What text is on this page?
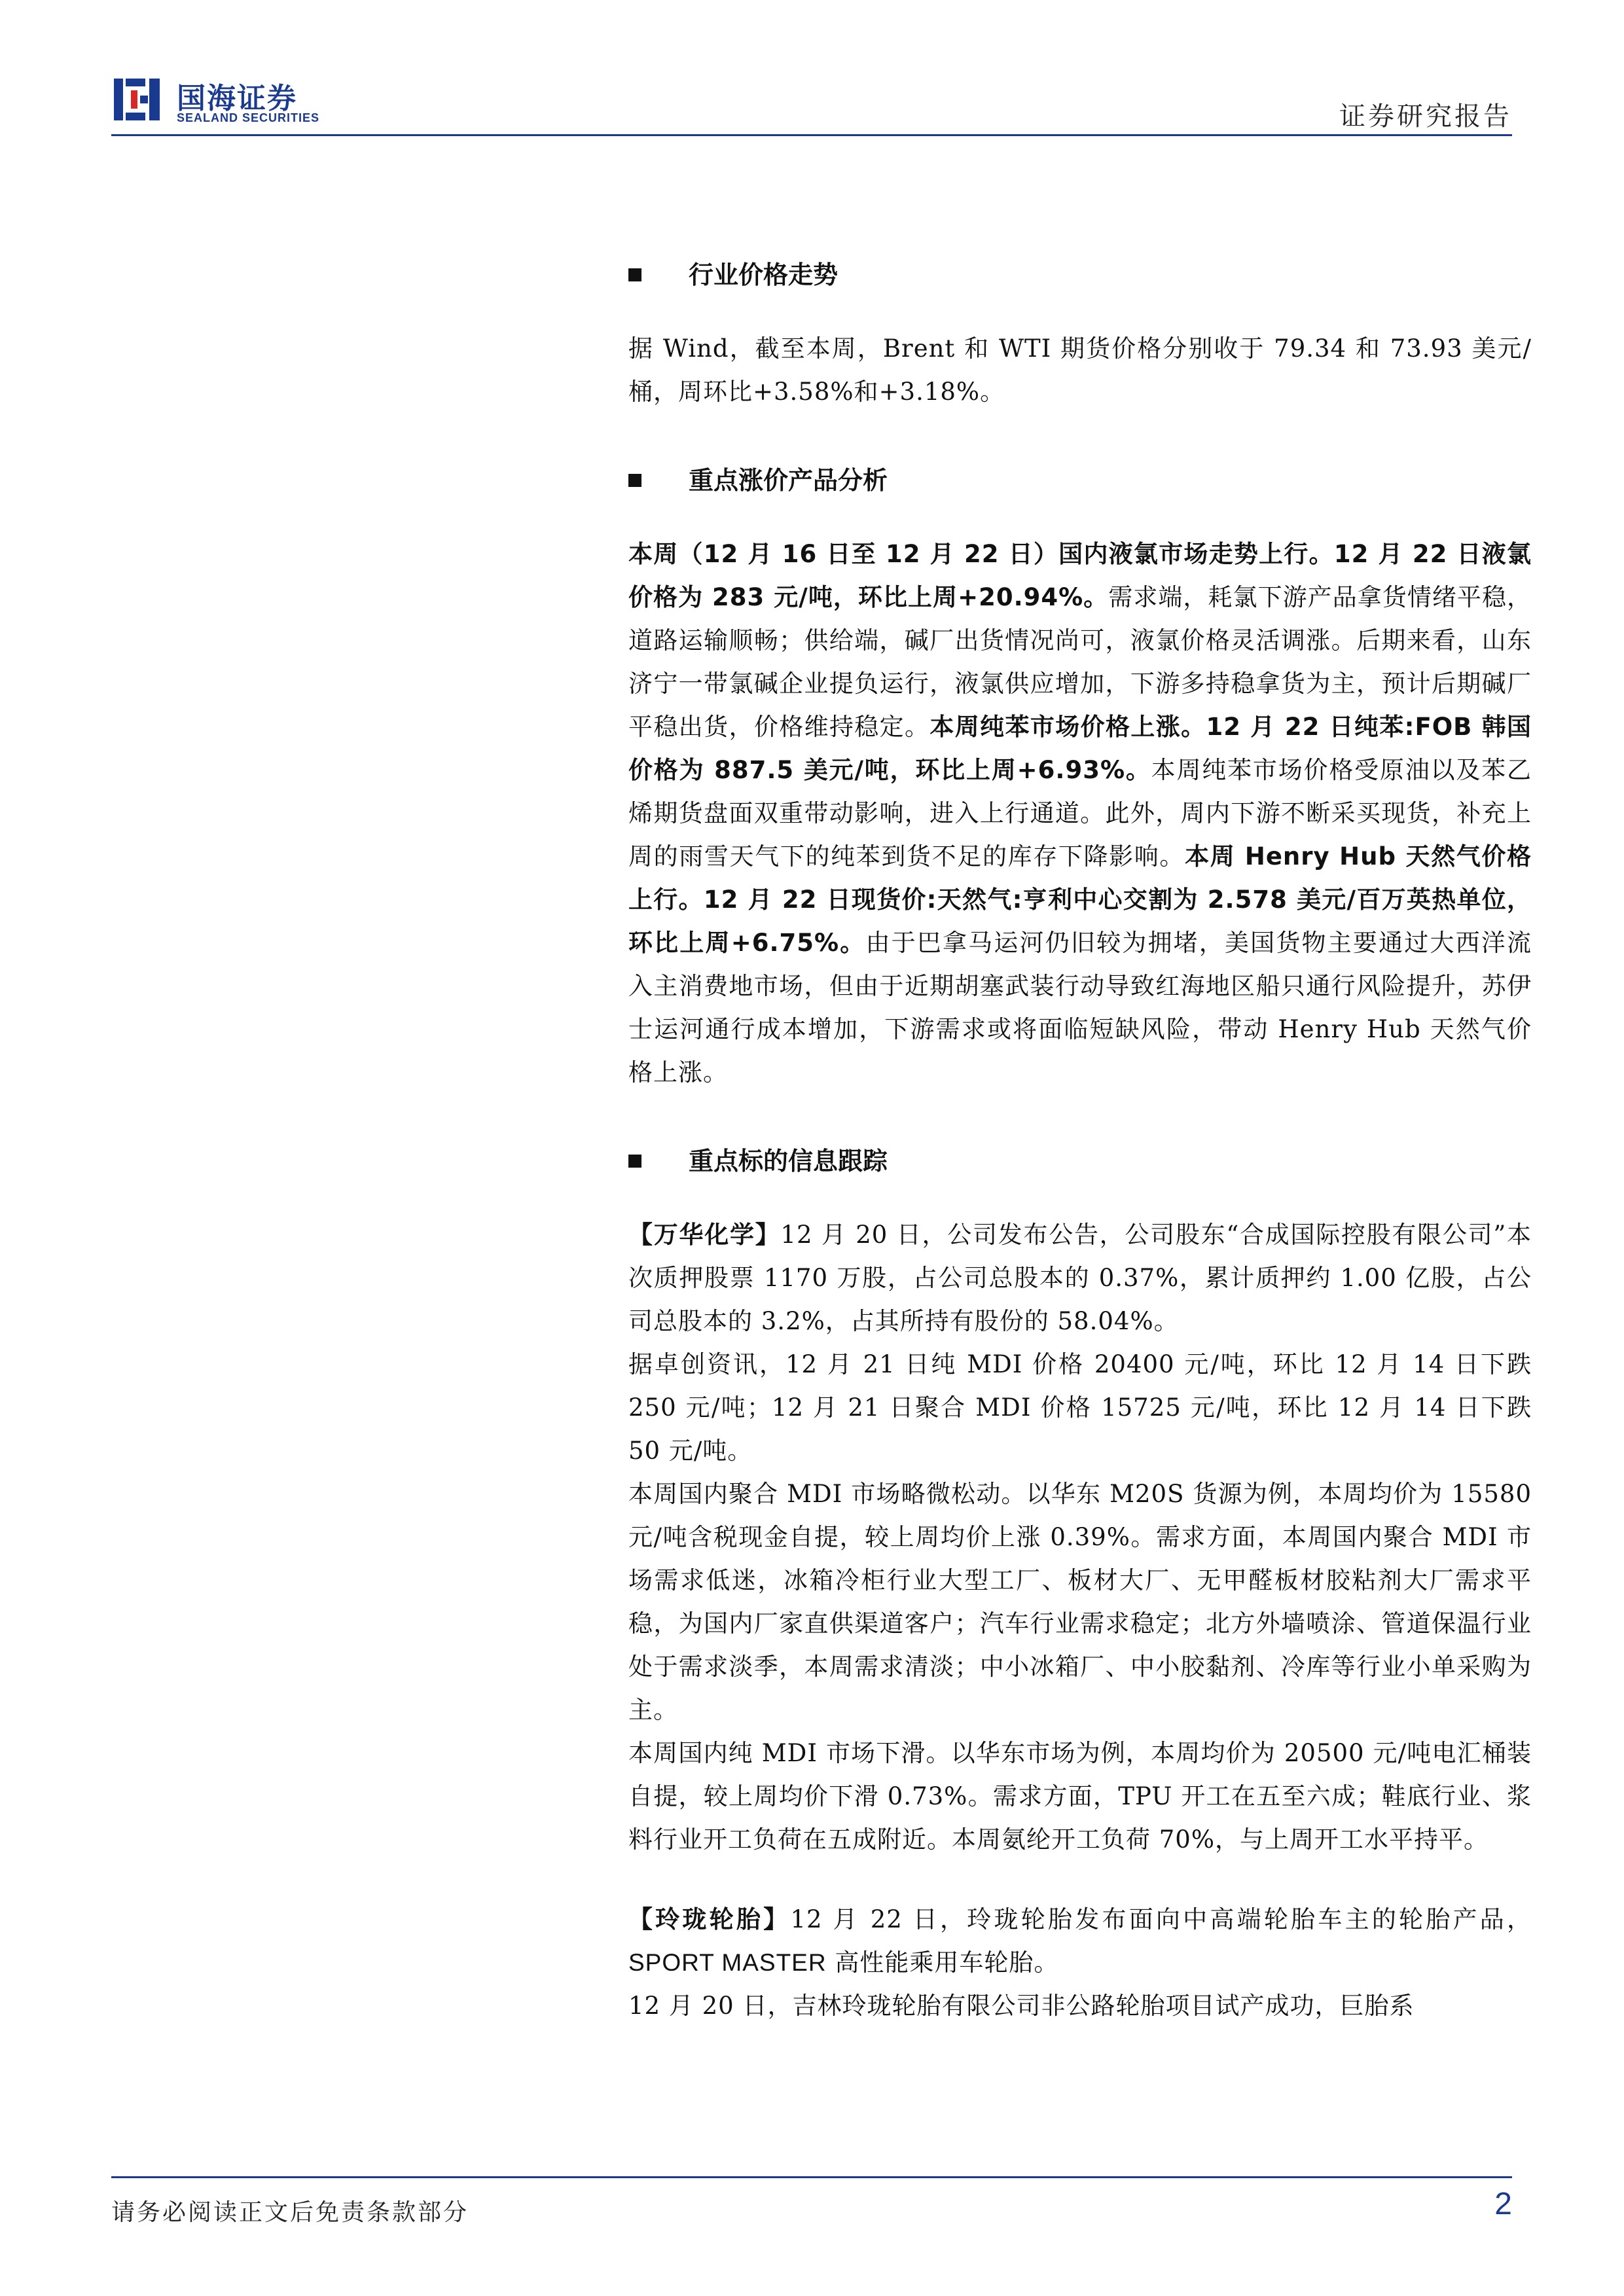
国海证券
SEALAND SECURITIES	证券研究报告
行业价格走势

据 Wind，截至本周，Brent 和 WTI 期货价格分别收于 79.34 和 73.93 美元/桶，周环比+3.58%和+3.18%。

重点涨价产品分析

本周（12 月 16 日至 12 月 22 日）国内液氯市场走势上行。12 月 22 日液氯价格为 283 元/吨，环比上周+20.94%。需求端，耗氯下游产品拿货情绪平稳，道路运输顺畅；供给端，碱厂出货情况尚可，液氯价格灵活调涨。后期来看，山东济宁一带氯碱企业提负运行，液氯供应增加，下游多持稳拿货为主，预计后期碱厂平稳出货，价格维持稳定。本周纯苯市场价格上涨。12 月 22 日纯苯:FOB 韩国价格为 887.5 美元/吨，环比上周+6.93%。本周纯苯市场价格受原油以及苯乙烯期货盘面双重带动影响，进入上行通道。此外，周内下游不断采买现货，补充上周的雨雪天气下的纯苯到货不足的库存下降影响。本周 Henry Hub 天然气价格上行。12 月 22 日现货价:天然气:亨利中心交割为 2.578 美元/百万英热单位，环比上周+6.75%。由于巴拿马运河仍旧较为拥堵，美国货物主要通过大西洋流入主消费地市场，但由于近期胡塞武装行动导致红海地区船只通行风险提升，苏伊士运河通行成本增加，下游需求或将面临短缺风险，带动 Henry Hub 天然气价格上涨。

重点标的信息跟踪

【万华化学】12 月 20 日，公司发布公告，公司股东“合成国际控股有限公司”本次质押股票 1170 万股，占公司总股本的 0.37%，累计质押约 1.00 亿股，占公司总股本的 3.2%，占其所持有股份的 58.04%。

据卓创资讯，12 月 21 日纯 MDI 价格 20400 元/吨，环比 12 月 14 日下跌 250 元/吨；12 月 21 日聚合 MDI 价格 15725 元/吨，环比 12 月 14 日下跌 50 元/吨。

本周国内聚合 MDI 市场略微松动。以华东 M20S 货源为例，本周均价为 15580 元/吨含税现金自提，较上周均价上涨 0.39%。需求方面，本周国内聚合 MDI 市场需求低迷，冰箱冷柜行业大型工厂、板材大厂、无甲醛板材胶粘剂大厂需求平稳，为国内厂家直供渠道客户；汽车行业需求稳定；北方外墙喷涂、管道保温行业处于需求淡季，本周需求清淡；中小冰箱厂、中小胶黏剂、冷库等行业小单采购为主。

本周国内纯 MDI 市场下滑。以华东市场为例，本周均价为 20500 元/吨电汇桶装自提，较上周均价下滑 0.73%。需求方面，TPU 开工在五至六成；鞋底行业、浆料行业开工负荷在五成附近。本周氨纶开工负荷 70%，与上周开工水平持平。

【玲珑轮胎】12 月 22 日，玲珑轮胎发布面向中高端轮胎车主的轮胎产品，SPORT MASTER 高性能乘用车轮胎。

12 月 20 日，吉林玲珑轮胎有限公司非公路轮胎项目试产成功，巨胎系

请务必阅读正文后免责条款部分	2
